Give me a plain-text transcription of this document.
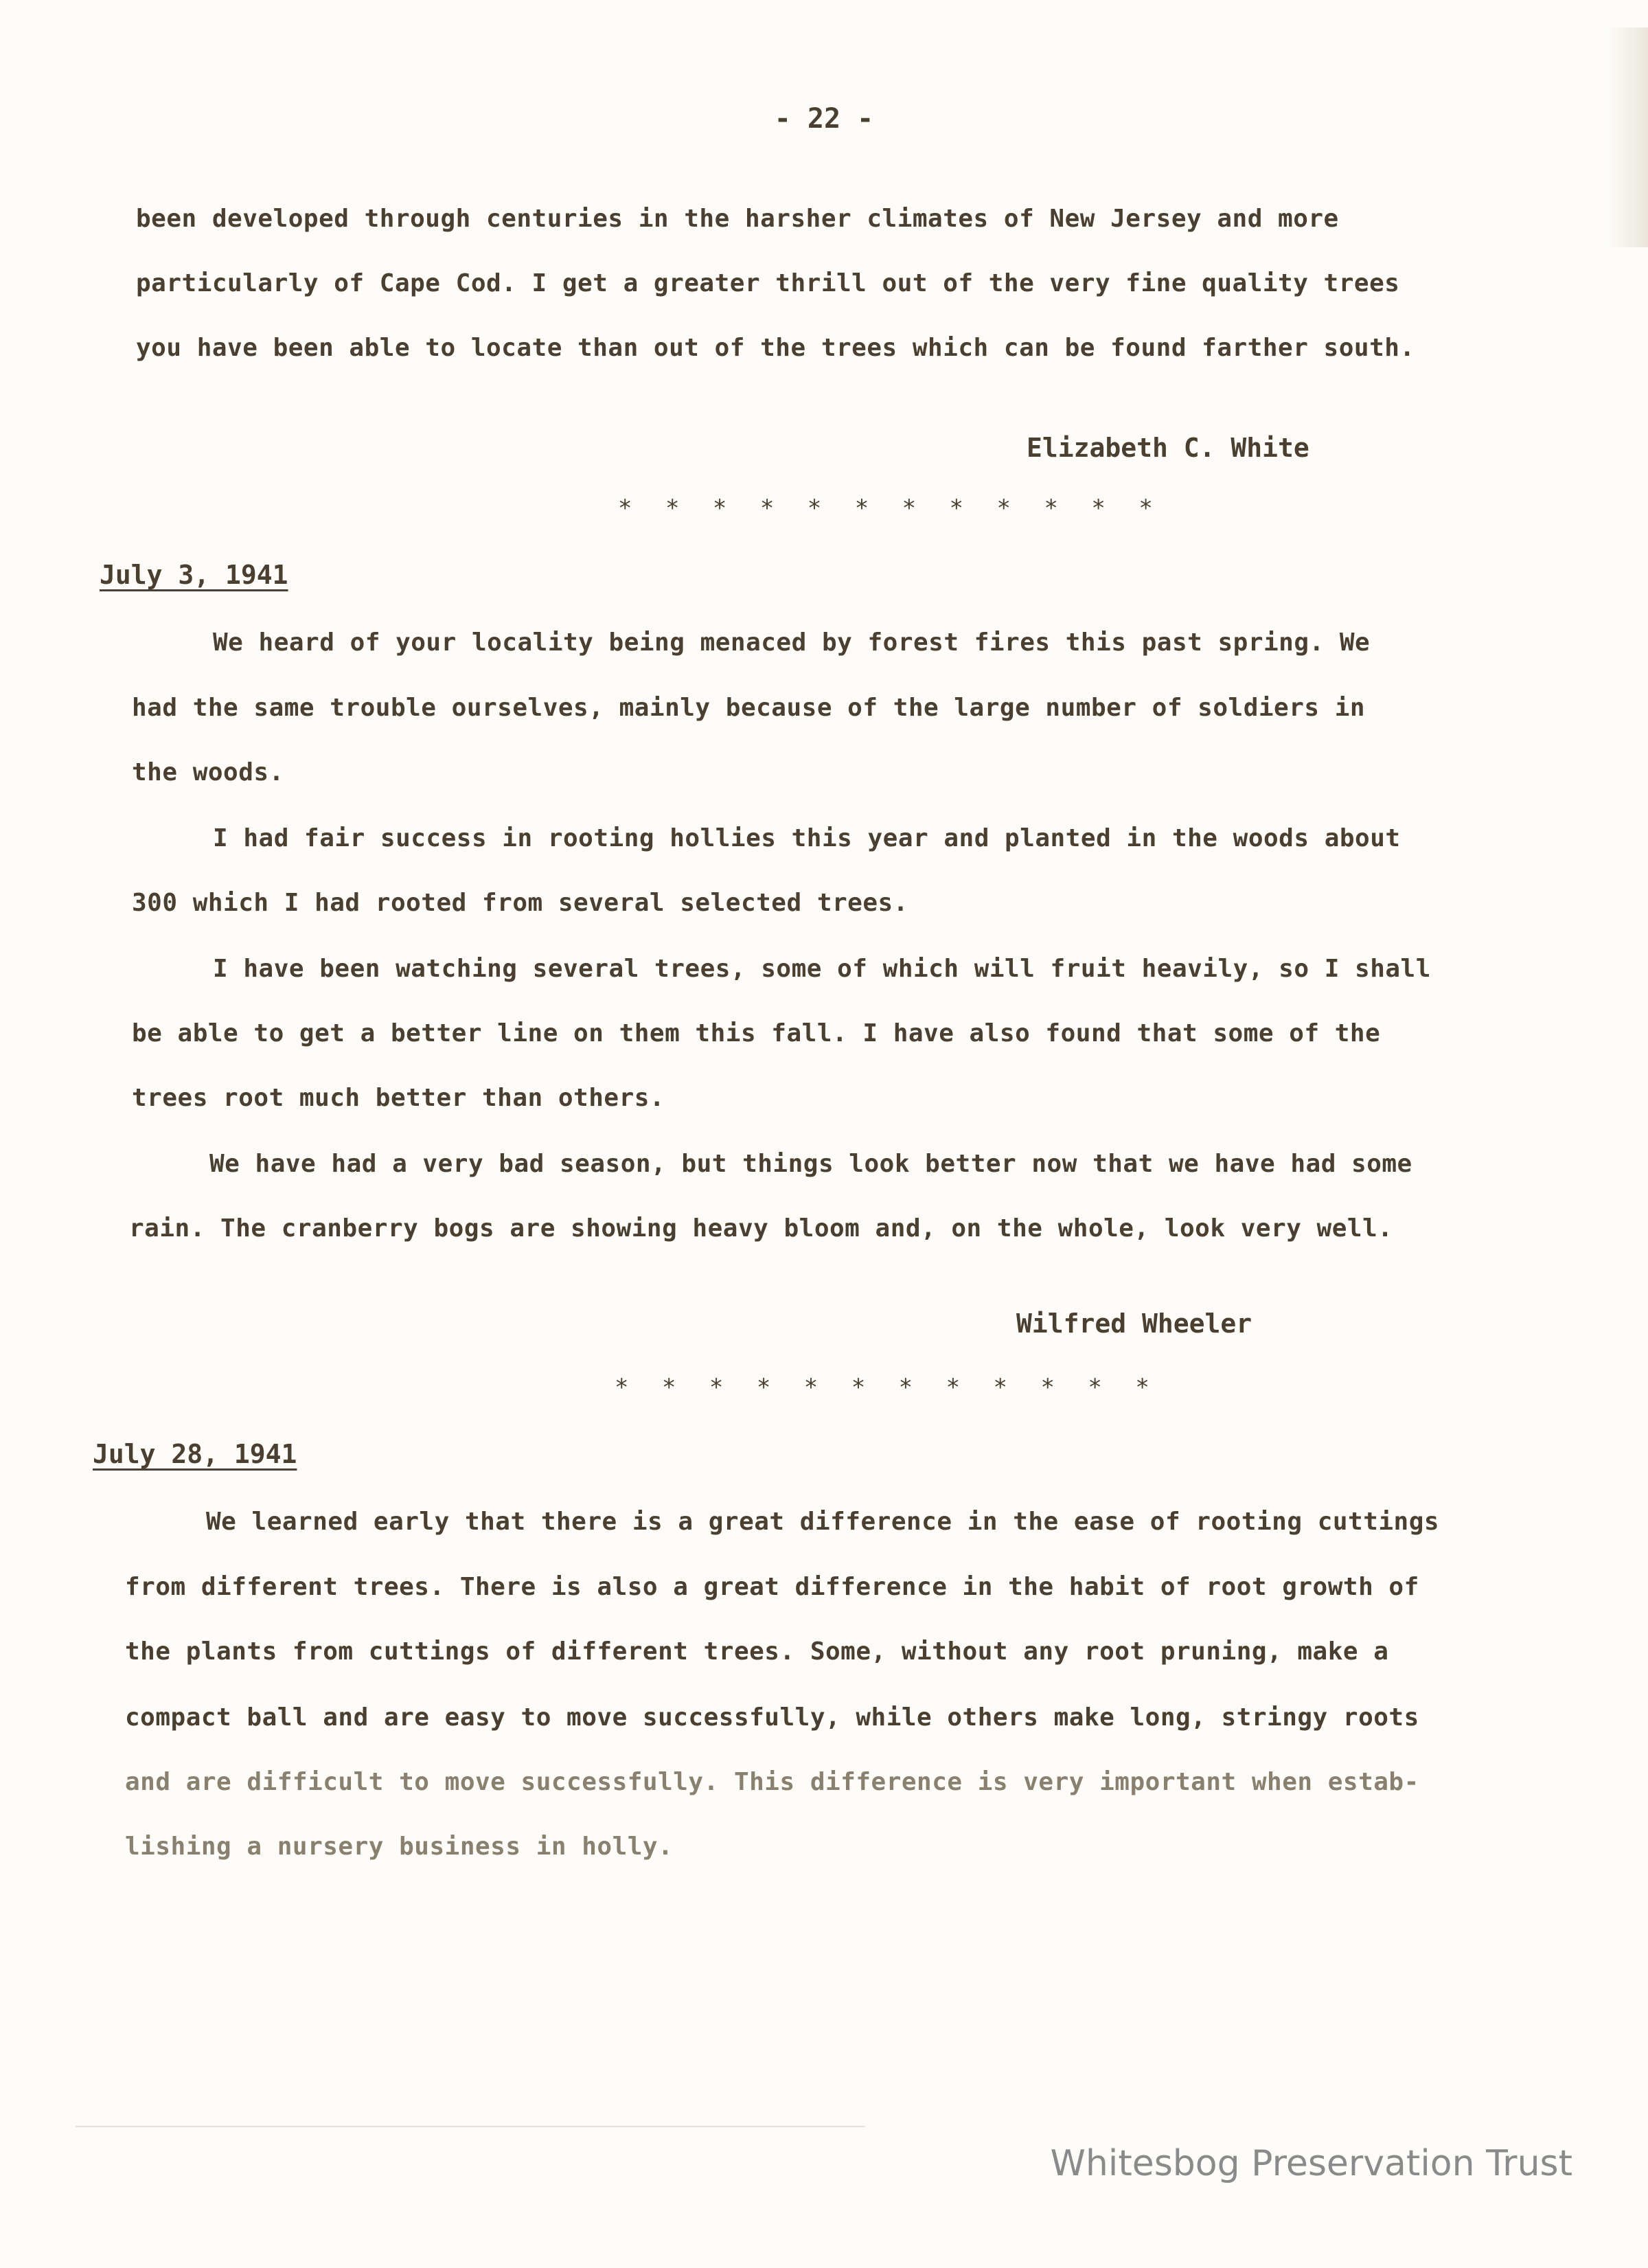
- 22 -
been developed through centuries in the harsher climates of New Jersey and more
particularly of Cape Cod. I get a greater thrill out of the very fine quality trees
you have been able to locate than out of the trees which can be found farther south.
Elizabeth C. White
* * * * * * * * * * * *
July 3, 1941
We heard of your locality being menaced by forest fires this past spring. We
had the same trouble ourselves, mainly because of the large number of soldiers in
the woods.
I had fair success in rooting hollies this year and planted in the woods about
300 which I had rooted from several selected trees.
I have been watching several trees, some of which will fruit heavily, so I shall
be able to get a better line on them this fall. I have also found that some of the
trees root much better than others.
We have had a very bad season, but things look better now that we have had some
rain. The cranberry bogs are showing heavy bloom and, on the whole, look very well.
Wilfred Wheeler
* * * * * * * * * * * *
July 28, 1941
We learned early that there is a great difference in the ease of rooting cuttings
from different trees. There is also a great difference in the habit of root growth of
the plants from cuttings of different trees. Some, without any root pruning, make a
compact ball and are easy to move successfully, while others make long, stringy roots
and are difficult to move successfully. This difference is very important when estab-
lishing a nursery business in holly.
Whitesbog Preservation Trust
